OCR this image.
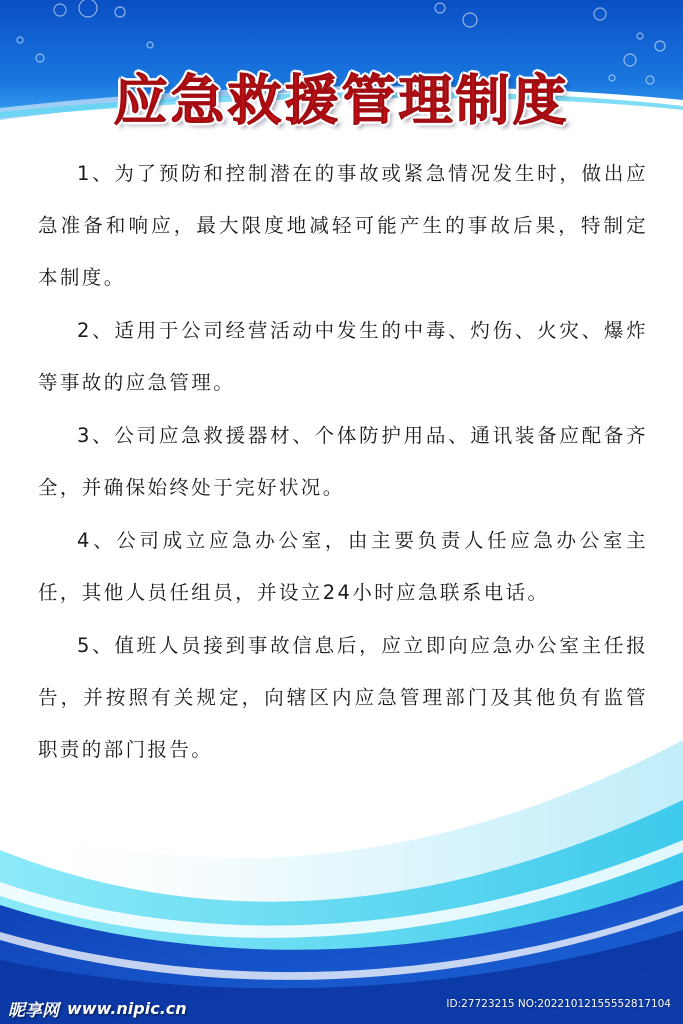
应急救援管理制度

1、为了预防和控制潜在的事故或紧急情况发生时，做出应急准备和响应，最大限度地减轻可能产生的事故后果，特制定本制度。

2、适用于公司经营活动中发生的中毒、灼伤、火灾、爆炸等事故的应急管理。

3、公司应急救援器材、个体防护用品、通讯装备应配备齐全，并确保始终处于完好状况。

4、公司成立应急办公室，由主要负责人任应急办公室主任，其他人员任组员，并设立24小时应急联系电话。

5、值班人员接到事故信息后，应立即向应急办公室主任报告，并按照有关规定，向辖区内应急管理部门及其他负有监管职责的部门报告。

昵享网 www.nipic.cn	ID:27723215 NO:20221012155552817104
